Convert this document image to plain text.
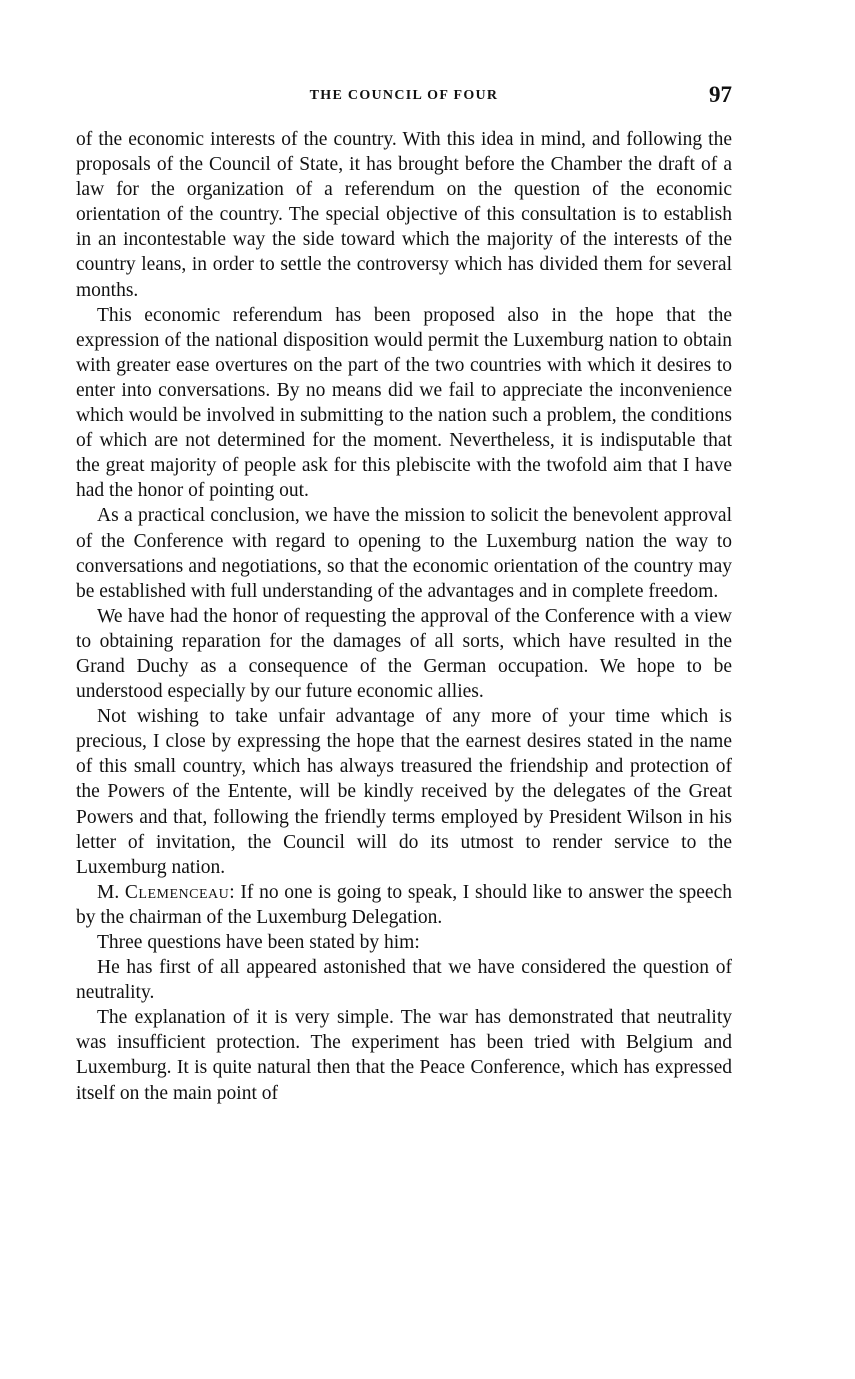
THE COUNCIL OF FOUR	97

of the economic interests of the country. With this idea in mind, and following the proposals of the Council of State, it has brought before the Chamber the draft of a law for the organization of a referendum on the question of the economic orientation of the country. The special objective of this consultation is to establish in an incontestable way the side toward which the majority of the interests of the country leans, in order to settle the controversy which has divided them for several months.

This economic referendum has been proposed also in the hope that the expression of the national disposition would permit the Luxemburg nation to obtain with greater ease overtures on the part of the two countries with which it desires to enter into conversations. By no means did we fail to appreciate the inconvenience which would be involved in submitting to the nation such a problem, the conditions of which are not determined for the moment. Nevertheless, it is indisputable that the great majority of people ask for this plebiscite with the twofold aim that I have had the honor of pointing out.

As a practical conclusion, we have the mission to solicit the benevolent approval of the Conference with regard to opening to the Luxemburg nation the way to conversations and negotiations, so that the economic orientation of the country may be established with full understanding of the advantages and in complete freedom.

We have had the honor of requesting the approval of the Conference with a view to obtaining reparation for the damages of all sorts, which have resulted in the Grand Duchy as a consequence of the German occupation. We hope to be understood especially by our future economic allies.

Not wishing to take unfair advantage of any more of your time which is precious, I close by expressing the hope that the earnest desires stated in the name of this small country, which has always treasured the friendship and protection of the Powers of the Entente, will be kindly received by the delegates of the Great Powers and that, following the friendly terms employed by President Wilson in his letter of invitation, the Council will do its utmost to render service to the Luxemburg nation.

M. Clemenceau: If no one is going to speak, I should like to answer the speech by the chairman of the Luxemburg Delegation.

Three questions have been stated by him:

He has first of all appeared astonished that we have considered the question of neutrality.

The explanation of it is very simple. The war has demonstrated that neutrality was insufficient protection. The experiment has been tried with Belgium and Luxemburg. It is quite natural then that the Peace Conference, which has expressed itself on the main point of
